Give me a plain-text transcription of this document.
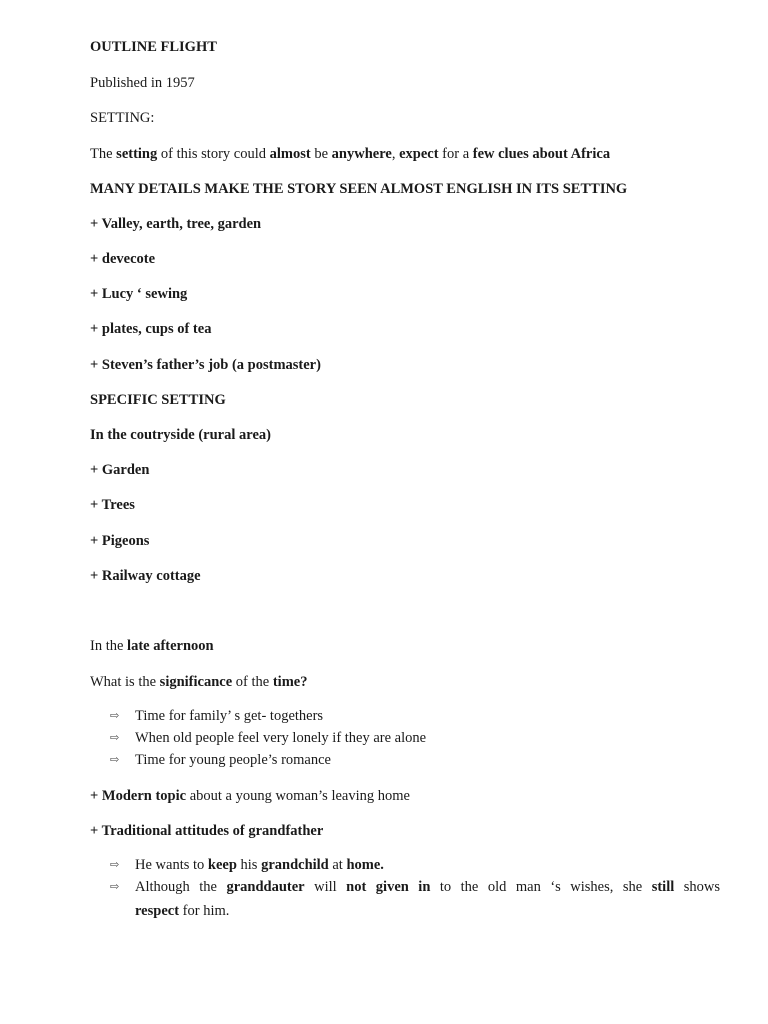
OUTLINE FLIGHT
Published in 1957
SETTING:
The setting of this story could almost be anywhere, expect for a few clues about Africa
MANY DETAILS MAKE THE STORY SEEN ALMOST ENGLISH IN ITS SETTING
+ Valley, earth, tree, garden
+ devecote
+ Lucy ‘ sewing
+ plates, cups of tea
+ Steven’s father’s job (a postmaster)
SPECIFIC SETTING
In the coutryside (rural area)
+ Garden
+ Trees
+ Pigeons
+ Railway cottage
In the late afternoon
What is the significance of the time?
⇨ Time for family’ s get- togethers
⇨ When old people feel very lonely if they are alone
⇨ Time for young people’s romance
+ Modern topic about a young woman’s leaving home
+ Traditional attitudes of grandfather
⇨ He wants to keep his grandchild at home.
⇨ Although the granddauter will not given in to the old man ‘s wishes, she still shows
respect for him.
